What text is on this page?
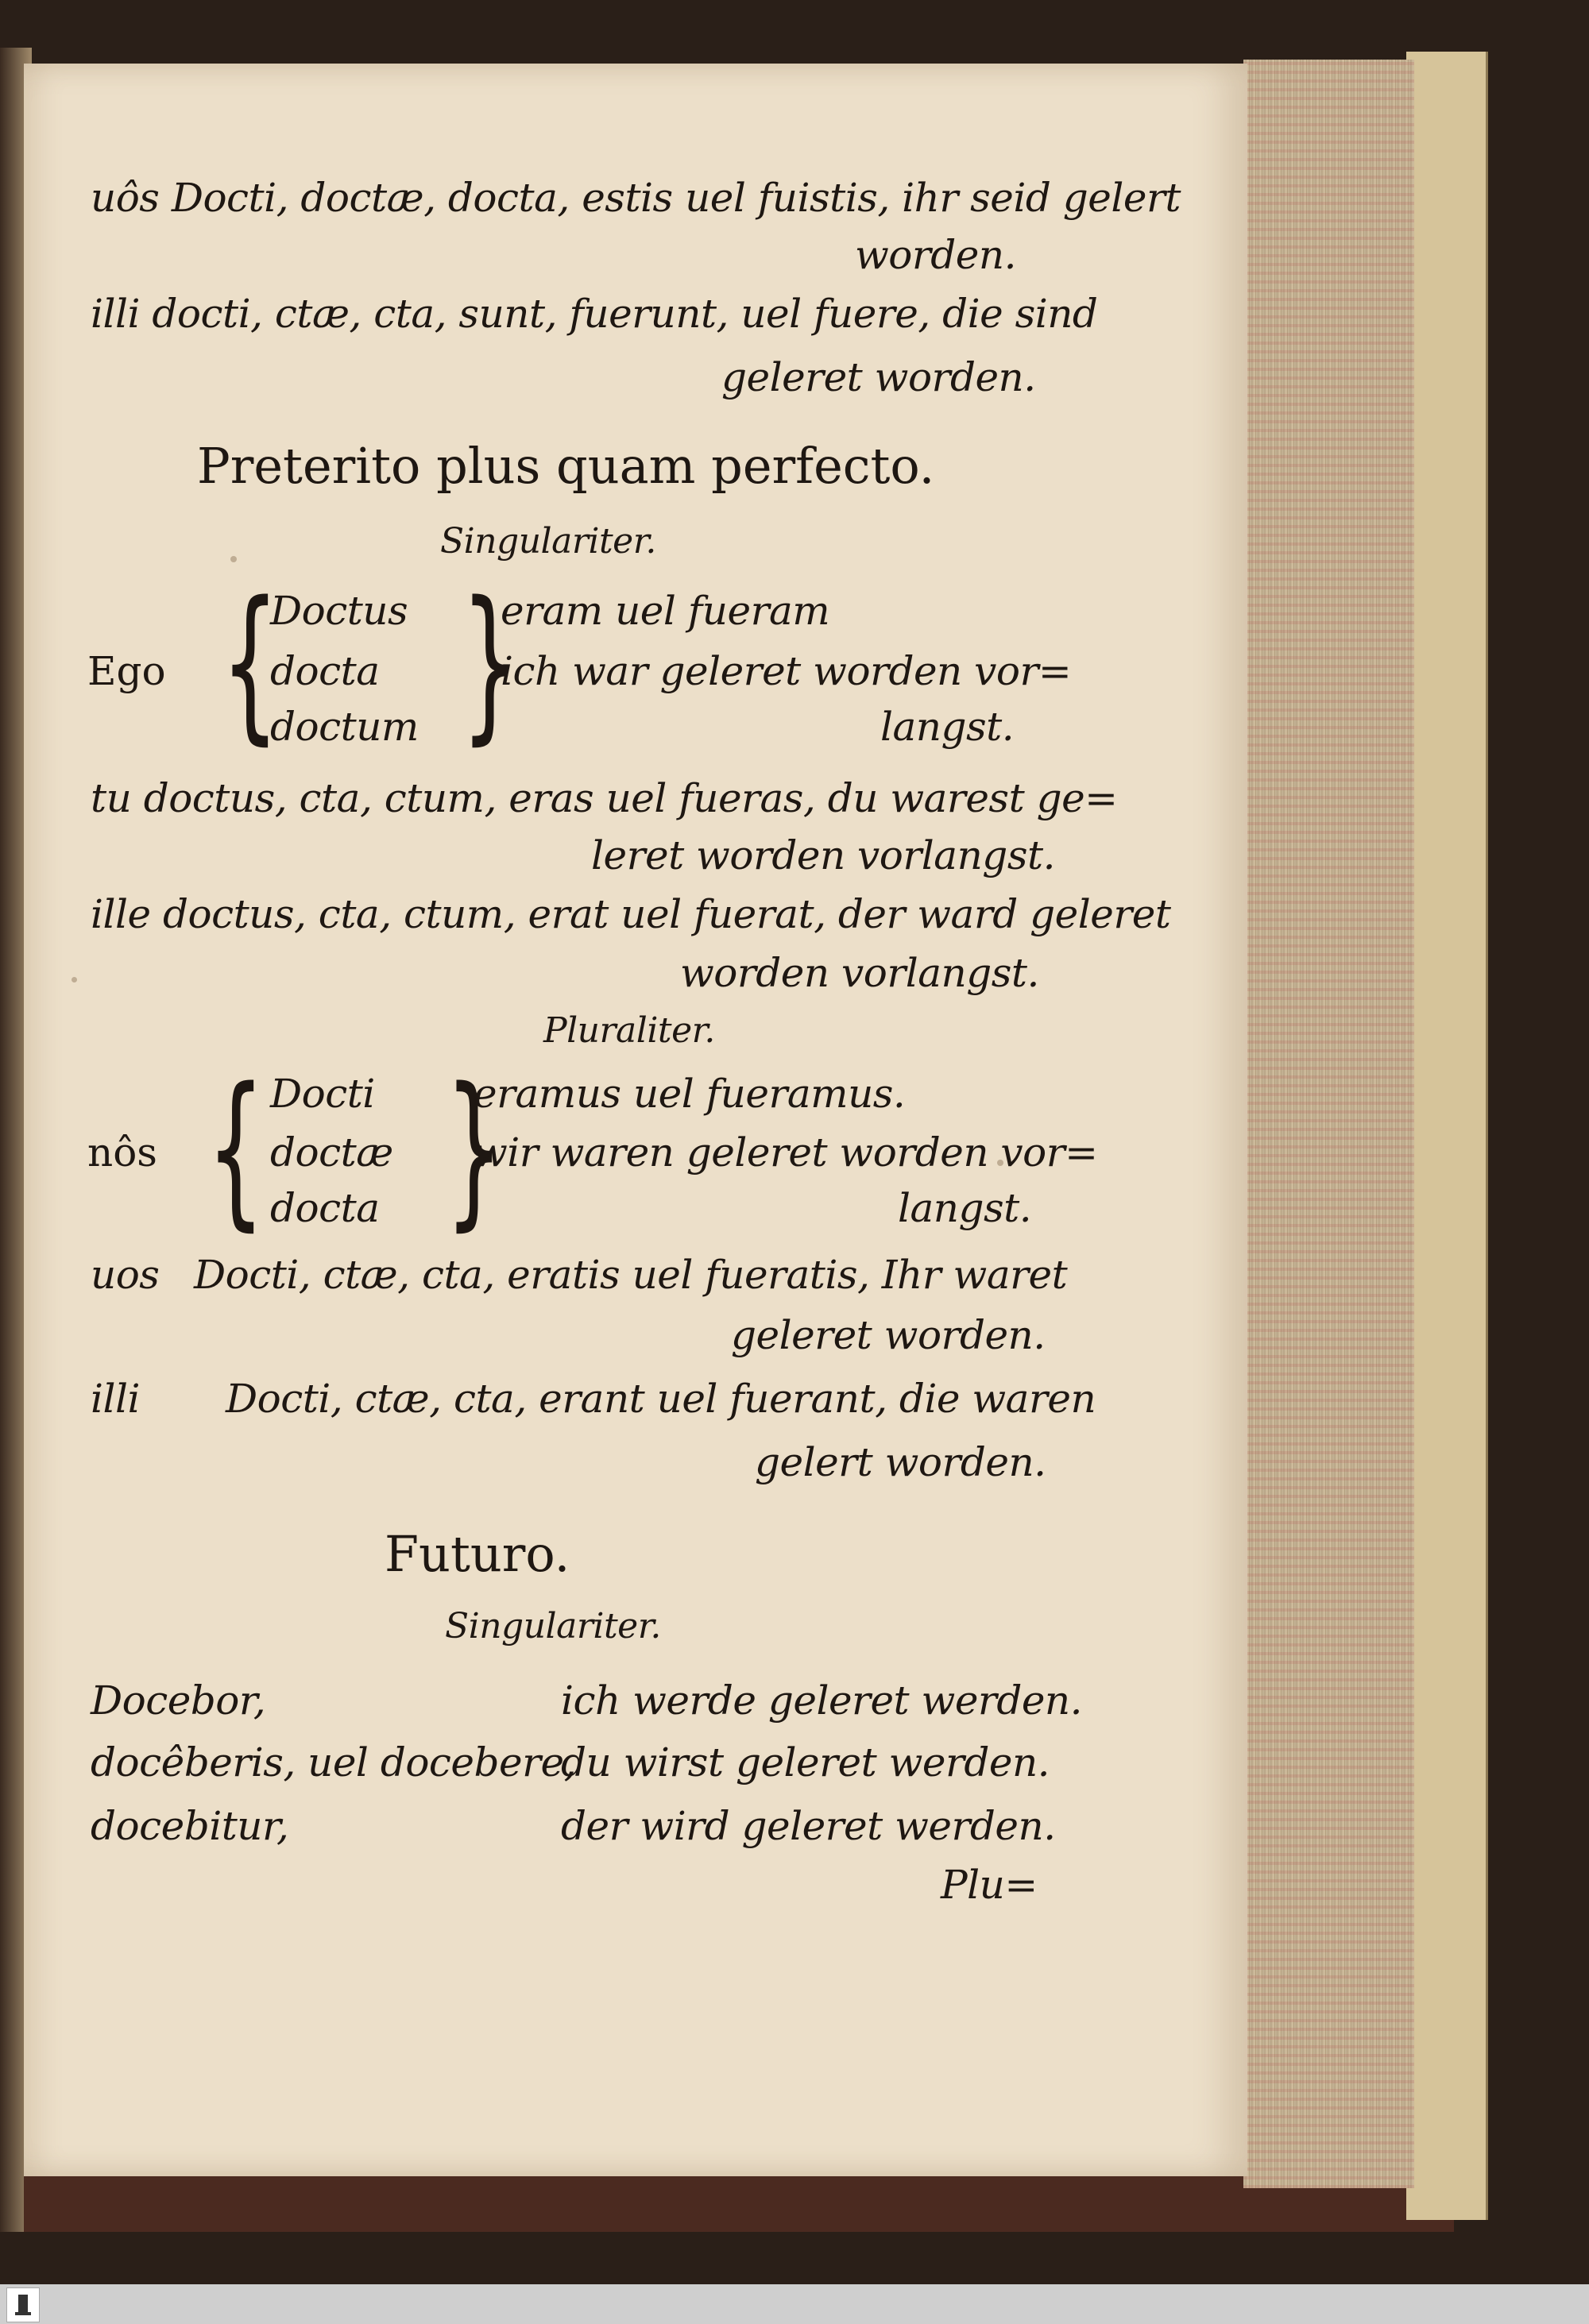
uôs Docti, doctæ, docta, estis uel fuistis, ihr seid gelert
worden.
illi docti, ctæ, cta, sunt, fuerunt, uel fuere, die sind
geleret worden.
Preterito plus quam perfecto.
Singulariter.
Ego {
Doctus
docta
doctum }
eram uel fueram
ich war geleret worden vor=
langst.
tu doctus, cta, ctum, eras uel fueras, du warest ge=
leret worden vorlangst.
ille doctus, cta, ctum, erat uel fuerat, der ward geleret
worden vorlangst.
Pluraliter.
nôs { Docti
doctæ
docta }
eramus uel fueramus.
wir waren geleret worden vor=
langst.
uos Docti, ctæ, cta, eratis uel fueratis, Ihr waret
geleret worden.
illi Docti, ctæ, cta, erant uel fuerant, die waren
gelert worden.
Futuro.
Singulariter.
Docebor,	ich werde geleret werden.
docêberis, uel docebere,
du wirst geleret werden.
docebitur,	der wird geleret werden.
Plu=
